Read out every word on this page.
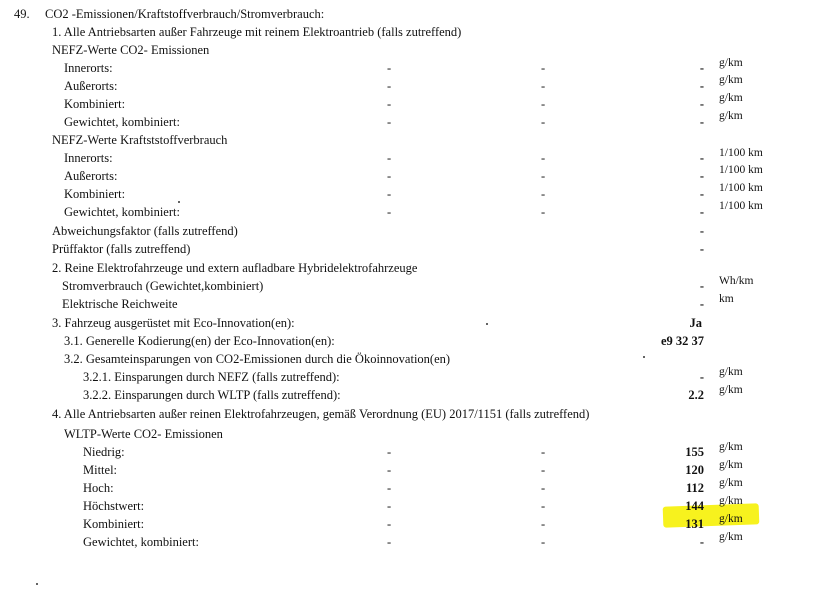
49. CO2 -Emissionen/Kraftstoffverbrauch/Stromverbrauch:
1. Alle Antriebsarten außer Fahrzeuge mit reinem Elektroantrieb (falls zutreffend)
NEFZ-Werte CO2- Emissionen
Innerorts:	-	-	- g/km
Außerorts:	-	-	- g/km
Kombiniert:	-	-	- g/km
Gewichtet, kombiniert:	-	-	- g/km
NEFZ-Werte Kraftststoffverbrauch
Innerorts:	-	-	- 1/100 km
Außerorts:	-	-	- 1/100 km
Kombiniert:	-	-	- 1/100 km
Gewichtet, kombiniert:	-	-	- 1/100 km
Abweichungsfaktor (falls zutreffend)	-
Prüffaktor (falls zutreffend)	-
2. Reine Elektrofahrzeuge und extern aufladbare Hybridelektrofahrzeuge
Stromverbrauch (Gewichtet,kombiniert)	- Wh/km
Elektrische Reichweite	- km
3. Fahrzeug ausgerüstet mit Eco-Innovation(en):	Ja
3.1. Generelle Kodierung(en) der Eco-Innovation(en):	e9 32 37
3.2. Gesamteinsparungen von CO2-Emissionen durch die Ökoinnovation(en)
3.2.1. Einsparungen durch NEFZ (falls zutreffend):	- g/km
3.2.2. Einsparungen durch WLTP (falls zutreffend):	2.2 g/km
4. Alle Antriebsarten außer reinen Elektrofahrzeugen, gemäß Verordnung (EU) 2017/1151 (falls zutreffend)
WLTP-Werte CO2- Emissionen
Niedrig:	-	-	155 g/km
Mittel:	-	-	120 g/km
Hoch:	-	-	112 g/km
Höchstwert:	-	-	144 g/km
Kombiniert:	-	-	131 g/km
Gewichtet, kombiniert:	-	-	- g/km
